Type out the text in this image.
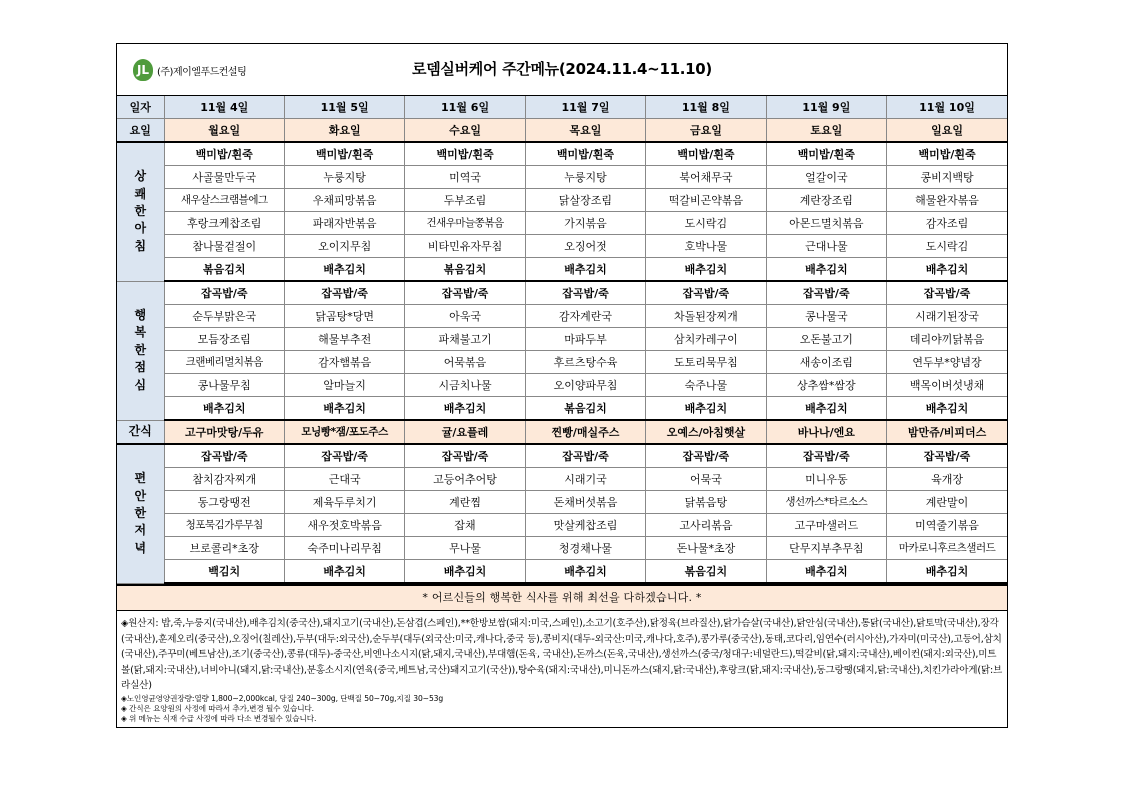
JL (주)제이엘푸드컨설팅	로뎀실버케어 주간메뉴(2024.11.4~11.10)
일자	11월 4일	11월 5일	11월 6일	11월 7일	11월 8일	11월 9일	11월 10일
요일	월요일	화요일	수요일	목요일	금요일	토요일	일요일
상
쾌
한
아
침	백미밥/흰죽	백미밥/흰죽	백미밥/흰죽	백미밥/흰죽	백미밥/흰죽	백미밥/흰죽	백미밥/흰죽
	사골물만두국	누룽지탕	미역국	누룽지탕	북어채무국	얼갈이국	콩비지백탕
	새우살스크램블에그	우채피망볶음	두부조림	닭살장조림	떡갈비곤약볶음	계란장조림	해물완자볶음
	후랑크케찹조림	파래자반볶음	건새우마늘쫑볶음	가지볶음	도시락김	아몬드멸치볶음	감자조림
	참나물겉절이	오이지무침	비타민유자무침	오징어젓	호박나물	근대나물	도시락김
	볶음김치	배추김치	볶음김치	배추김치	배추김치	배추김치	배추김치
행
복
한
점
심	잡곡밥/죽	잡곡밥/죽	잡곡밥/죽	잡곡밥/죽	잡곡밥/죽	잡곡밥/죽	잡곡밥/죽
	순두부맑은국	닭곰탕*당면	아욱국	감자계란국	차돌된장찌개	콩나물국	시래기된장국
	모듬장조림	해물부추전	파채불고기	마파두부	삼치카레구이	오돈불고기	데리야끼닭볶음
	크랜베리멸치볶음	감자햄볶음	어묵볶음	후르츠탕수육	도토리묵무침	새송이조림	연두부*양념장
	콩나물무침	알마늘지	시금치나물	오이양파무침	숙주나물	상추쌈*쌈장	백목이버섯냉채
	배추김치	배추김치	배추김치	볶음김치	배추김치	배추김치	배추김치
간식	고구마맛탕/두유	모닝빵*잼/포도주스	귤/요플레	찐빵/매실주스	오예스/아침햇살	바나나/엔요	밤만쥬/비피더스
편
안
한
저
녁	잡곡밥/죽	잡곡밥/죽	잡곡밥/죽	잡곡밥/죽	잡곡밥/죽	잡곡밥/죽	잡곡밥/죽
	참치감자찌개	근대국	고등어추어탕	시래기국	어묵국	미니우동	육개장
	동그랑땡전	제육두루치기	계란찜	돈채버섯볶음	닭볶음탕	생선까스*타르소스	계란말이
	청포묵김가루무침	새우젓호박볶음	잡채	맛살케찹조림	고사리볶음	고구마샐러드	미역줄기볶음
	브로콜리*초장	숙주미나리무침	무나물	청경채나물	돈나물*초장	단무지부추무침	마카로니후르츠샐러드
	백김치	배추김치	배추김치	배추김치	볶음김치	배추김치	배추김치
* 어르신들의 행복한 식사를 위해 최선을 다하겠습니다. *
◈원산지: 밥,죽,누룽지(국내산),배추김치(중국산),돼지고기(국내산),돈삼겹(스페인),**한방보쌈(돼지:미국,스페인),소고기(호주산),닭정육(브라질산),닭가슴살(국내산),닭안심(국내산),통닭(국내산),닭토막(국내산),장각(국내산),훈제오리(중국산),오징어(칠레산),두부(대두:외국산),순두부(대두(외국산:미국,캐나다,중국 등),콩비지(대두-외국산:미국,캐나다,호주),콩가루(중국산),동태,코다리,임연수(러시아산),가자미(미국산),고등어,삼치(국내산),주꾸미(베트남산),조기(중국산),콩류(대두)-중국산,비엔나소시지(닭,돼지,국내산),부대햄(돈육, 국내산),돈까스(돈육,국내산),생선까스(중국/청대구:네덜란드),떡갈비(닭,돼지:국내산),베이컨(돼지:외국산),미트볼(닭,돼지:국내산),너비아니(돼지,닭:국내산),분홍소시지(연육(중국,베트남,국산)돼지고기(국산)),탕수육(돼지:국내산),미니돈까스(돼지,닭:국내산),후랑크(닭,돼지:국내산),동그랑땡(돼지,닭:국내산),치킨가라아게(닭:브라실산)
◈노인영균영양권장량:열량 1,800~2,000kcal, 당질 240~300g, 단백질 50~70g,지질 30~53g
◈ 간식은 요양원의 사정에 따라서 추가,변경 될수 있습니다.
◈ 위 메뉴는 식재 수급 사정에 따라 다소 변경될수 있습니다.
